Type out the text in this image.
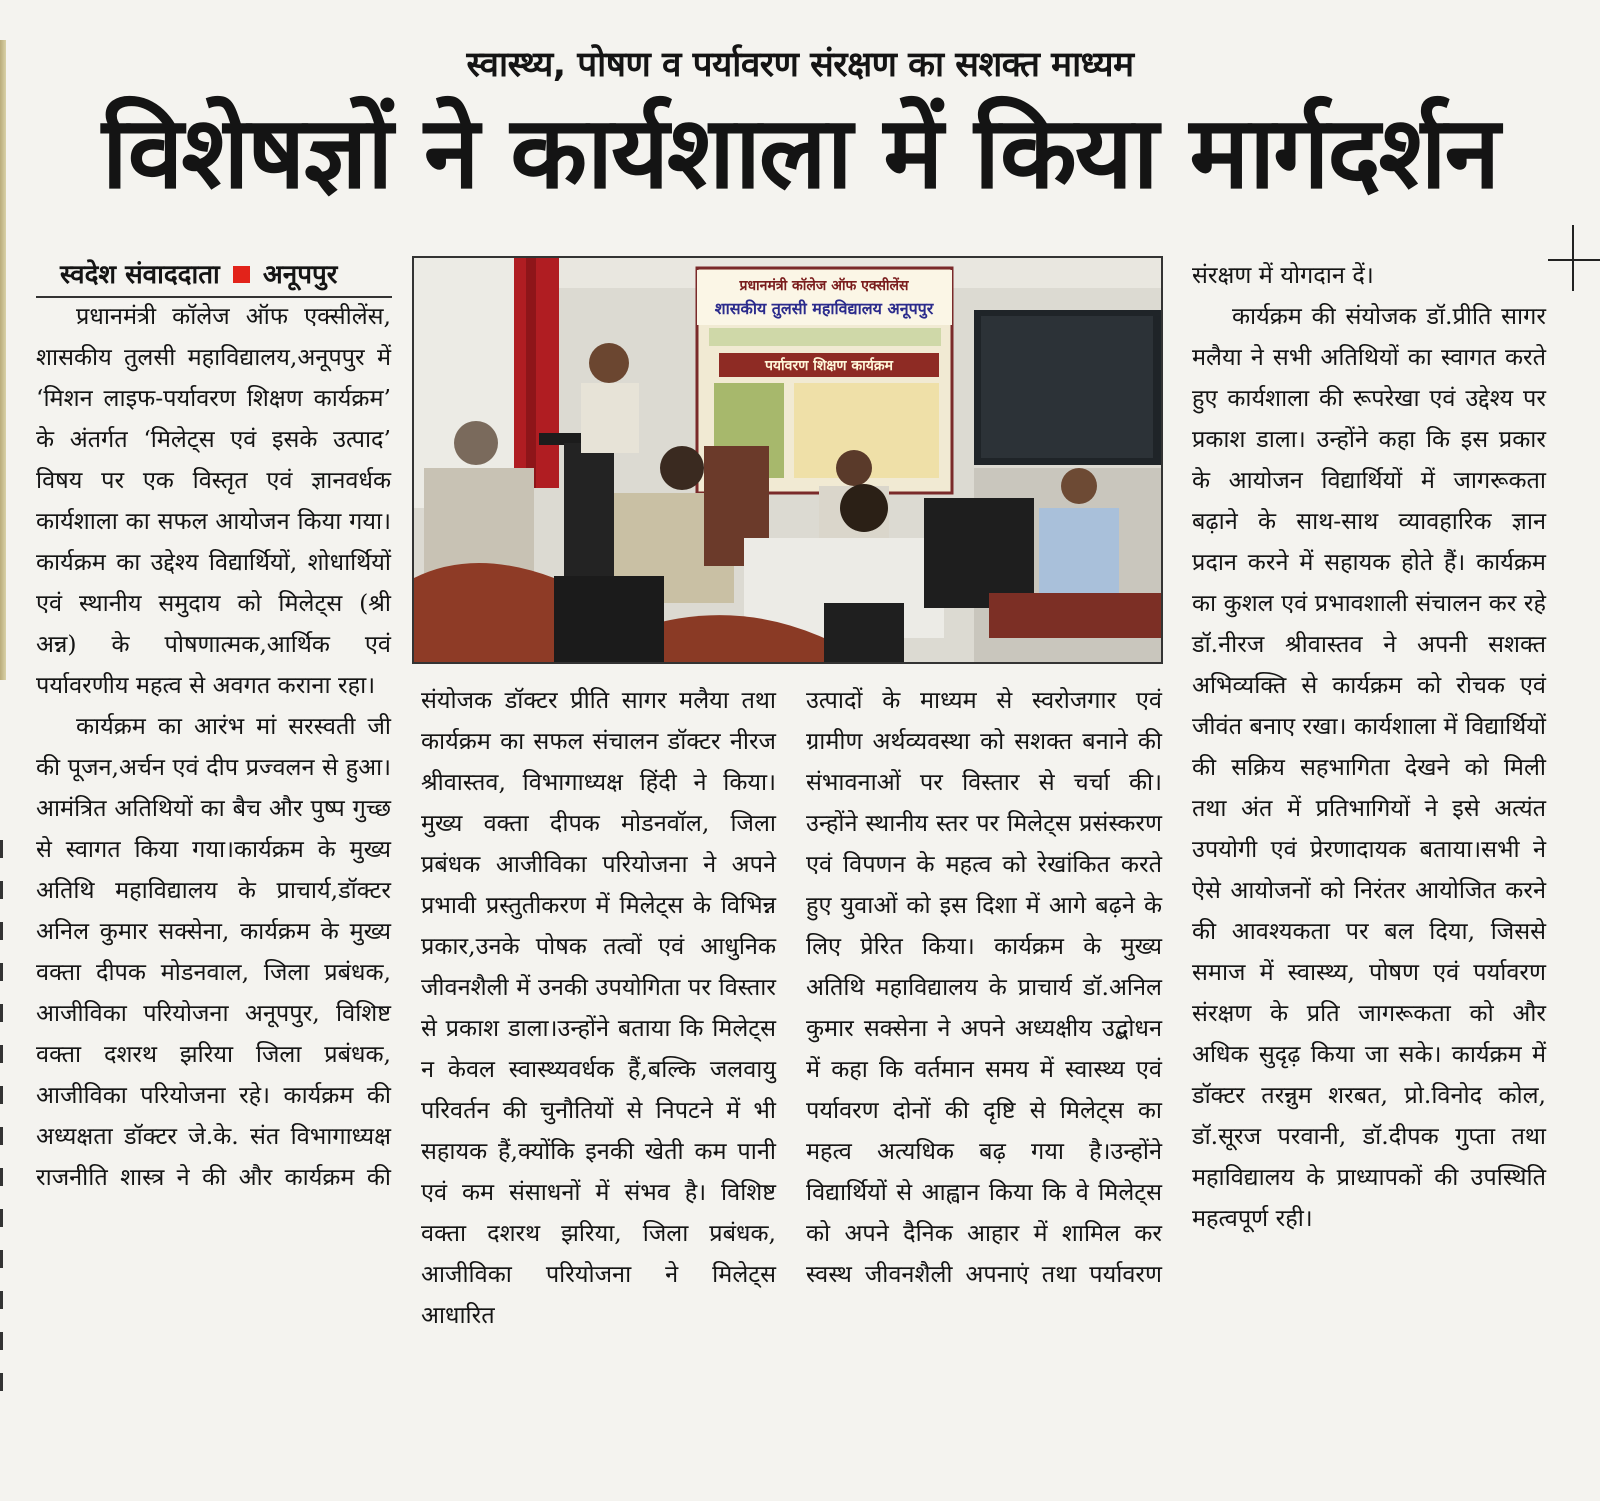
स्वास्थ्य, पोषण व पर्यावरण संरक्षण का सशक्त माध्यम
विशेषज्ञों ने कार्यशाला में किया मार्गदर्शन
स्वदेश संवाददाता अनूपपुर

प्रधानमंत्री कॉलेज ऑफ एक्सीलेंस, शासकीय तुलसी महाविद्यालय,अनूपपुर में ‘मिशन लाइफ-पर्यावरण शिक्षण कार्यक्रम’ के अंतर्गत ‘मिलेट्स एवं इसके उत्पाद’ विषय पर एक विस्तृत एवं ज्ञानवर्धक कार्यशाला का सफल आयोजन किया गया। कार्यक्रम का उद्देश्य विद्यार्थियों, शोधार्थियों एवं स्थानीय समुदाय को मिलेट्स (श्री अन्न) के पोषणात्मक,आर्थिक एवं पर्यावरणीय महत्व से अवगत कराना रहा।

कार्यक्रम का आरंभ मां सरस्वती जी की पूजन,अर्चन एवं दीप प्रज्वलन से हुआ। आमंत्रित अतिथियों का बैच और पुष्प गुच्छ से स्वागत किया गया।कार्यक्रम के मुख्य अतिथि महाविद्यालय के प्राचार्य,डॉक्टर अनिल कुमार सक्सेना, कार्यक्रम के मुख्य वक्ता दीपक मोडनवाल, जिला प्रबंधक, आजीविका परियोजना अनूपपुर, विशिष्ट वक्ता दशरथ झरिया जिला प्रबंधक, आजीविका परियोजना रहे। कार्यक्रम की अध्यक्षता डॉक्टर जे.के. संत विभागाध्यक्ष राजनीति शास्त्र ने की और कार्यक्रम की

प्रधानमंत्री कॉलेज ऑफ एक्सीलेंस
शासकीय तुलसी महाविद्यालय अनूपपुर
पर्यावरण शिक्षण कार्यक्रम

संयोजक डॉक्टर प्रीति सागर मलैया तथा कार्यक्रम का सफल संचालन डॉक्टर नीरज श्रीवास्तव, विभागाध्यक्ष हिंदी ने किया। मुख्य वक्ता दीपक मोडनवॉल, जिला प्रबंधक आजीविका परियोजना ने अपने प्रभावी प्रस्तुतीकरण में मिलेट्स के विभिन्न प्रकार,उनके पोषक तत्वों एवं आधुनिक जीवनशैली में उनकी उपयोगिता पर विस्तार से प्रकाश डाला।उन्होंने बताया कि मिलेट्स न केवल स्वास्थ्यवर्धक हैं,बल्कि जलवायु परिवर्तन की चुनौतियों से निपटने में भी सहायक हैं,क्योंकि इनकी खेती कम पानी एवं कम संसाधनों में संभव है। विशिष्ट वक्ता दशरथ झरिया, जिला प्रबंधक, आजीविका परियोजना ने मिलेट्स आधारित

उत्पादों के माध्यम से स्वरोजगार एवं ग्रामीण अर्थव्यवस्था को सशक्त बनाने की संभावनाओं पर विस्तार से चर्चा की। उन्होंने स्थानीय स्तर पर मिलेट्स प्रसंस्करण एवं विपणन के महत्व को रेखांकित करते हुए युवाओं को इस दिशा में आगे बढ़ने के लिए प्रेरित किया। कार्यक्रम के मुख्य अतिथि महाविद्यालय के प्राचार्य डॉ.अनिल कुमार सक्सेना ने अपने अध्यक्षीय उद्बोधन में कहा कि वर्तमान समय में स्वास्थ्य एवं पर्यावरण दोनों की दृष्टि से मिलेट्स का महत्व अत्यधिक बढ़ गया है।उन्होंने विद्यार्थियों से आह्वान किया कि वे मिलेट्स को अपने दैनिक आहार में शामिल कर स्वस्थ जीवनशैली अपनाएं तथा पर्यावरण

संरक्षण में योगदान दें।

कार्यक्रम की संयोजक डॉ.प्रीति सागर मलैया ने सभी अतिथियों का स्वागत करते हुए कार्यशाला की रूपरेखा एवं उद्देश्य पर प्रकाश डाला। उन्होंने कहा कि इस प्रकार के आयोजन विद्यार्थियों में जागरूकता बढ़ाने के साथ-साथ व्यावहारिक ज्ञान प्रदान करने में सहायक होते हैं। कार्यक्रम का कुशल एवं प्रभावशाली संचालन कर रहे डॉ.नीरज श्रीवास्तव ने अपनी सशक्त अभिव्यक्ति से कार्यक्रम को रोचक एवं जीवंत बनाए रखा। कार्यशाला में विद्यार्थियों की सक्रिय सहभागिता देखने को मिली तथा अंत में प्रतिभागियों ने इसे अत्यंत उपयोगी एवं प्रेरणादायक बताया।सभी ने ऐसे आयोजनों को निरंतर आयोजित करने की आवश्यकता पर बल दिया, जिससे समाज में स्वास्थ्य, पोषण एवं पर्यावरण संरक्षण के प्रति जागरूकता को और अधिक सुदृढ़ किया जा सके। कार्यक्रम में डॉक्टर तरन्नुम शरबत, प्रो.विनोद कोल, डॉ.सूरज परवानी, डॉ.दीपक गुप्ता तथा महाविद्यालय के प्राध्यापकों की उपस्थिति महत्वपूर्ण रही।
